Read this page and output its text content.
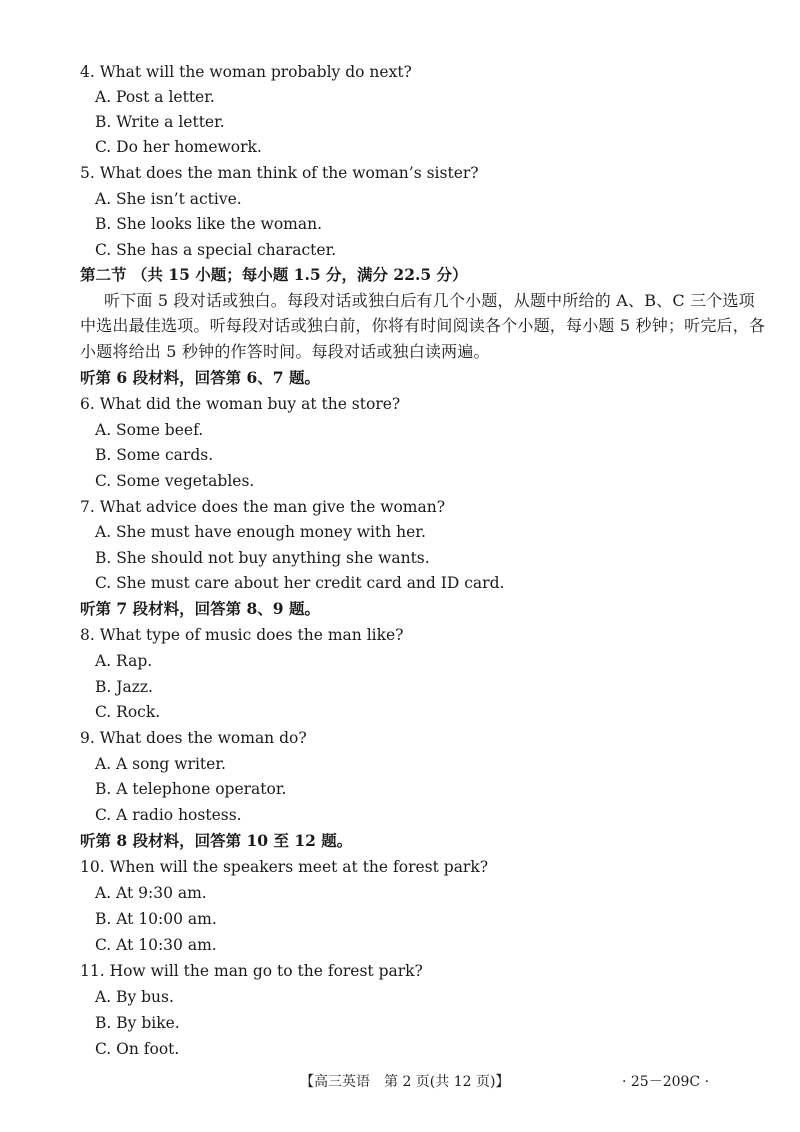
4. What will the woman probably do next?
A. Post a letter.
B. Write a letter.
C. Do her homework.
5. What does the man think of the woman’s sister?
A. She isn’t active.
B. She looks like the woman.
C. She has a special character.
第二节 （共 15 小题；每小题 1.5 分，满分 22.5 分）
听下面 5 段对话或独白。每段对话或独白后有几个小题，从题中所给的 A、B、C 三个选项
中选出最佳选项。听每段对话或独白前，你将有时间阅读各个小题，每小题 5 秒钟；听完后，各
小题将给出 5 秒钟的作答时间。每段对话或独白读两遍。
听第 6 段材料，回答第 6、7 题。
6. What did the woman buy at the store?
A. Some beef.
B. Some cards.
C. Some vegetables.
7. What advice does the man give the woman?
A. She must have enough money with her.
B. She should not buy anything she wants.
C. She must care about her credit card and ID card.
听第 7 段材料，回答第 8、9 题。
8. What type of music does the man like?
A. Rap.
B. Jazz.
C. Rock.
9. What does the woman do?
A. A song writer.
B. A telephone operator.
C. A radio hostess.
听第 8 段材料，回答第 10 至 12 题。
10. When will the speakers meet at the forest park?
A. At 9:30 am.
B. At 10:00 am.
C. At 10:30 am.
11. How will the man go to the forest park?
A. By bus.
B. By bike.
C. On foot.
【高三英语　第 2 页(共 12 页)】	· 25－209C ·
